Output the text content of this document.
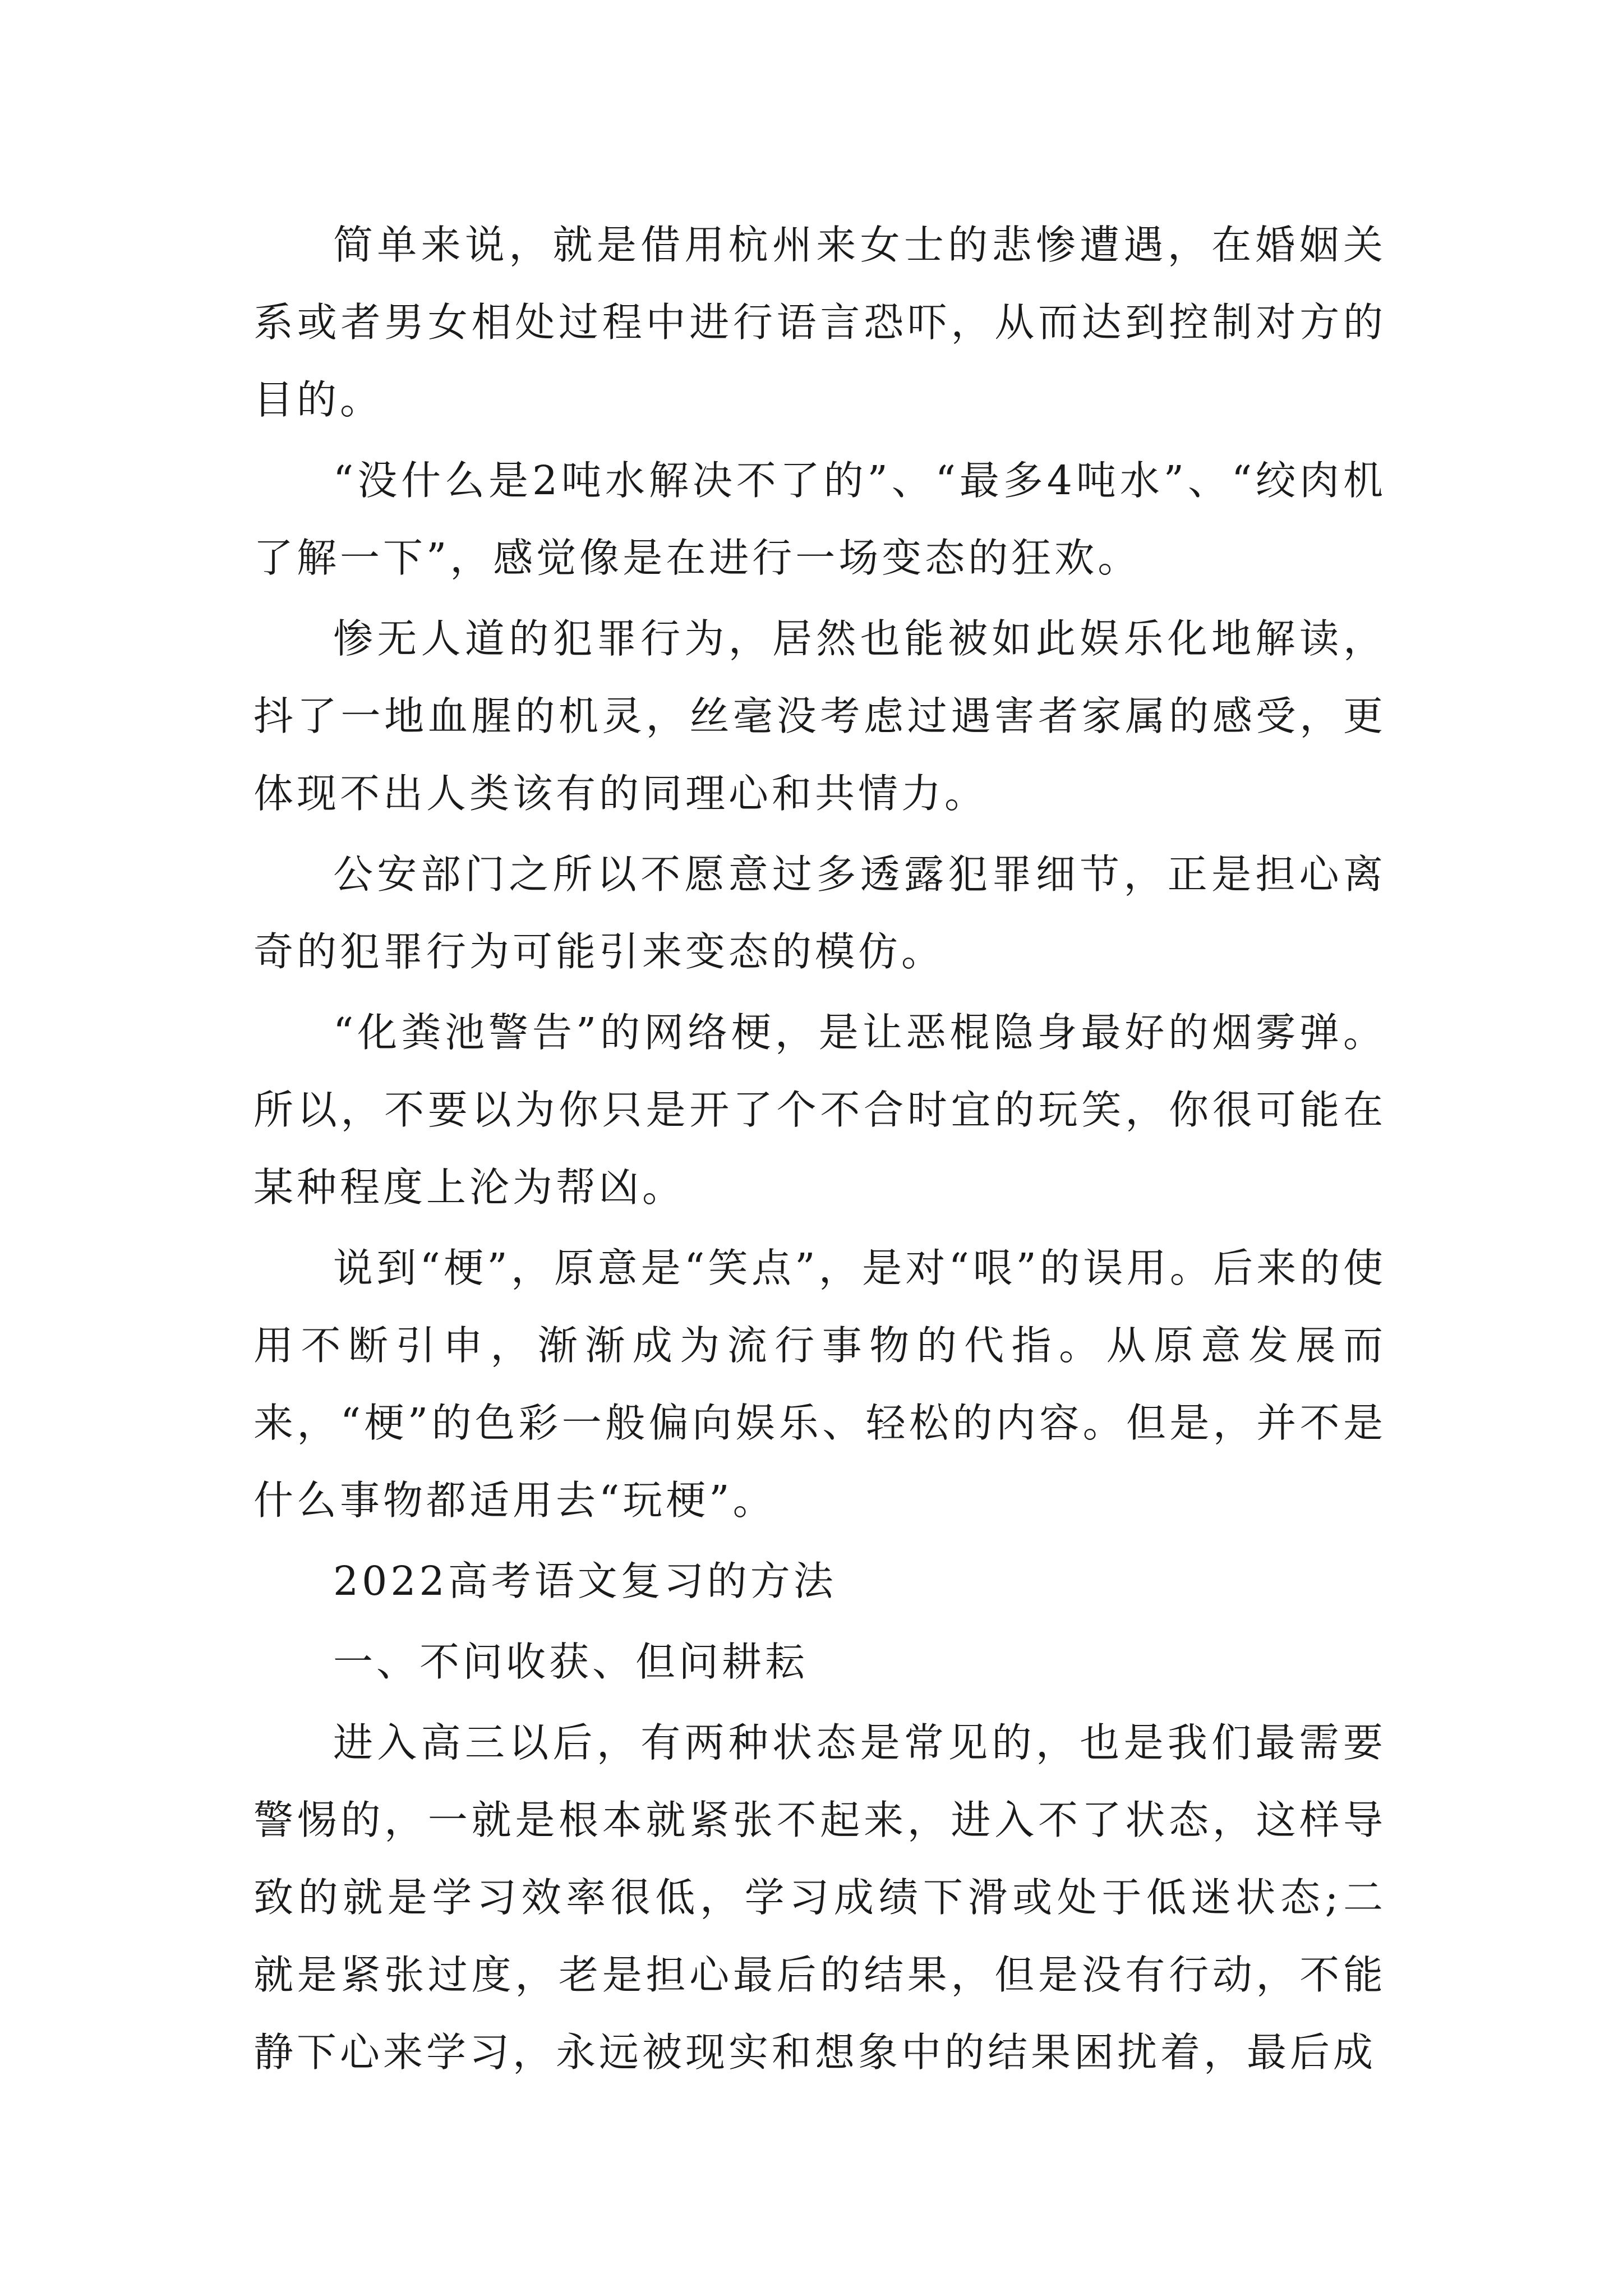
简单来说，就是借用杭州来女士的悲惨遭遇，在婚姻关系或者男女相处过程中进行语言恐吓，从而达到控制对方的目的。

“没什么是2吨水解决不了的”、“最多4吨水”、“绞肉机了解一下”，感觉像是在进行一场变态的狂欢。

惨无人道的犯罪行为，居然也能被如此娱乐化地解读，抖了一地血腥的机灵，丝毫没考虑过遇害者家属的感受，更体现不出人类该有的同理心和共情力。

公安部门之所以不愿意过多透露犯罪细节，正是担心离奇的犯罪行为可能引来变态的模仿。

“化粪池警告”的网络梗，是让恶棍隐身最好的烟雾弹。所以，不要以为你只是开了个不合时宜的玩笑，你很可能在某种程度上沦为帮凶。

说到“梗”，原意是“笑点”，是对“哏”的误用。后来的使用不断引申，渐渐成为流行事物的代指。从原意发展而来，“梗”的色彩一般偏向娱乐、轻松的内容。但是，并不是什么事物都适用去“玩梗”。

2022高考语文复习的方法

一、不问收获、但问耕耘

进入高三以后，有两种状态是常见的，也是我们最需要警惕的，一就是根本就紧张不起来，进入不了状态，这样导致的就是学习效率很低，学习成绩下滑或处于低迷状态;二就是紧张过度，老是担心最后的结果，但是没有行动，不能静下心来学习，永远被现实和想象中的结果困扰着，最后成
